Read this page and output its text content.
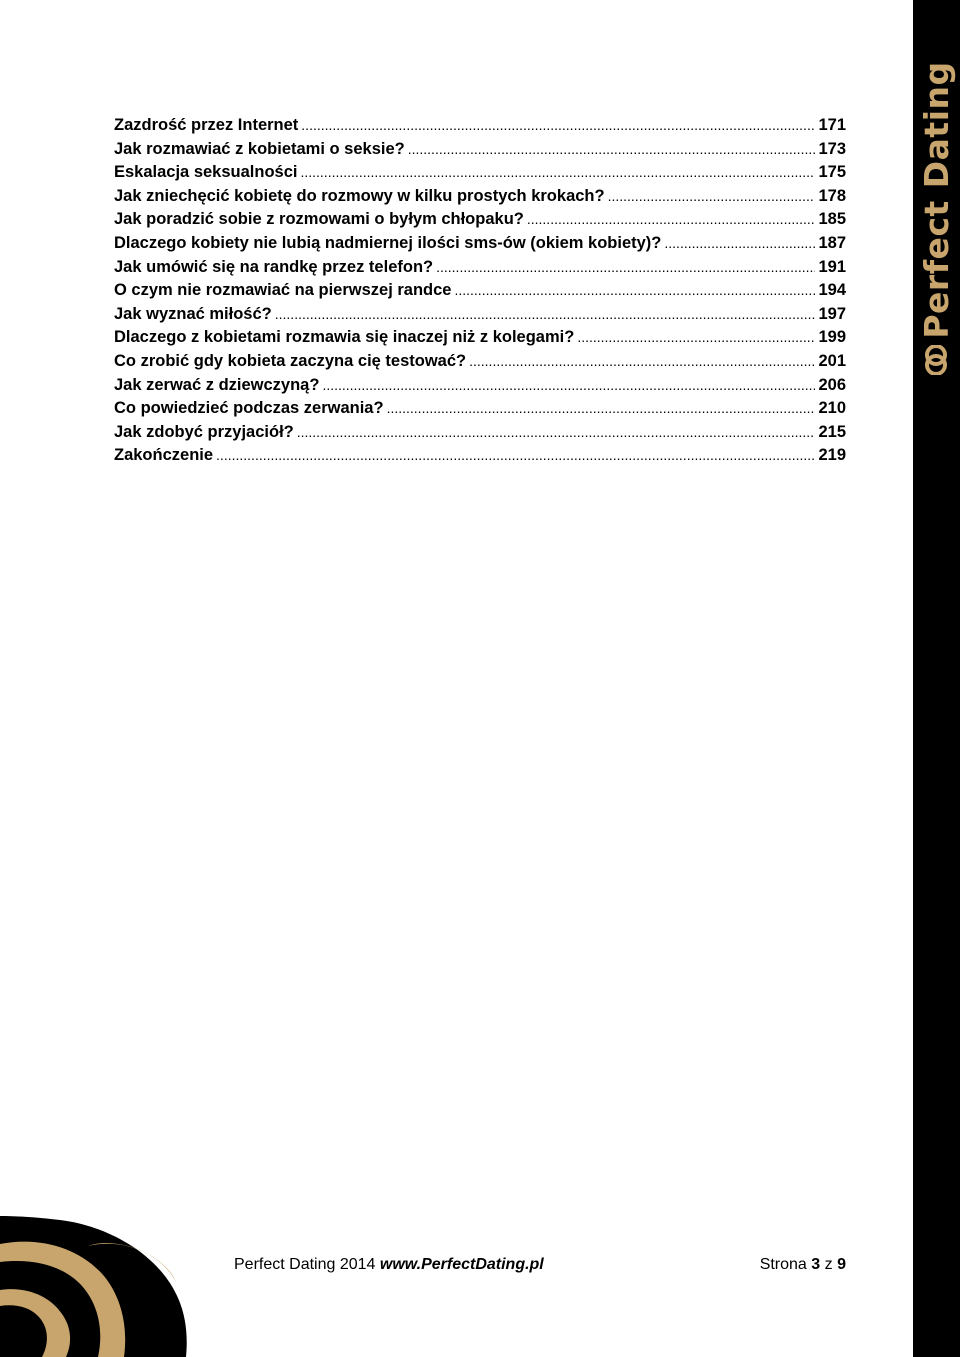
Perfect Dating
Zazdrość przez Internet .....	171
Jak rozmawiać z kobietami o seksie? .....	173
Eskalacja seksualności .....	175
Jak zniechęcić kobietę do rozmowy w kilku prostych krokach? .....	178
Jak poradzić sobie z rozmowami o byłym chłopaku? .....	185
Dlaczego kobiety nie lubią nadmiernej ilości sms-ów (okiem kobiety)? .....	187
Jak umówić się na randkę przez telefon? .....	191
O czym nie rozmawiać na pierwszej randce .....	194
Jak wyznać miłość? .....	197
Dlaczego z kobietami rozmawia się inaczej niż z kolegami? .....	199
Co zrobić gdy kobieta zaczyna cię testować? .....	201
Jak zerwać z dziewczyną? .....	206
Co powiedzieć podczas zerwania? .....	210
Jak zdobyć przyjaciół? .....	215
Zakończenie .....	219
Perfect Dating 2014 www.PerfectDating.pl	Strona 3 z 9
